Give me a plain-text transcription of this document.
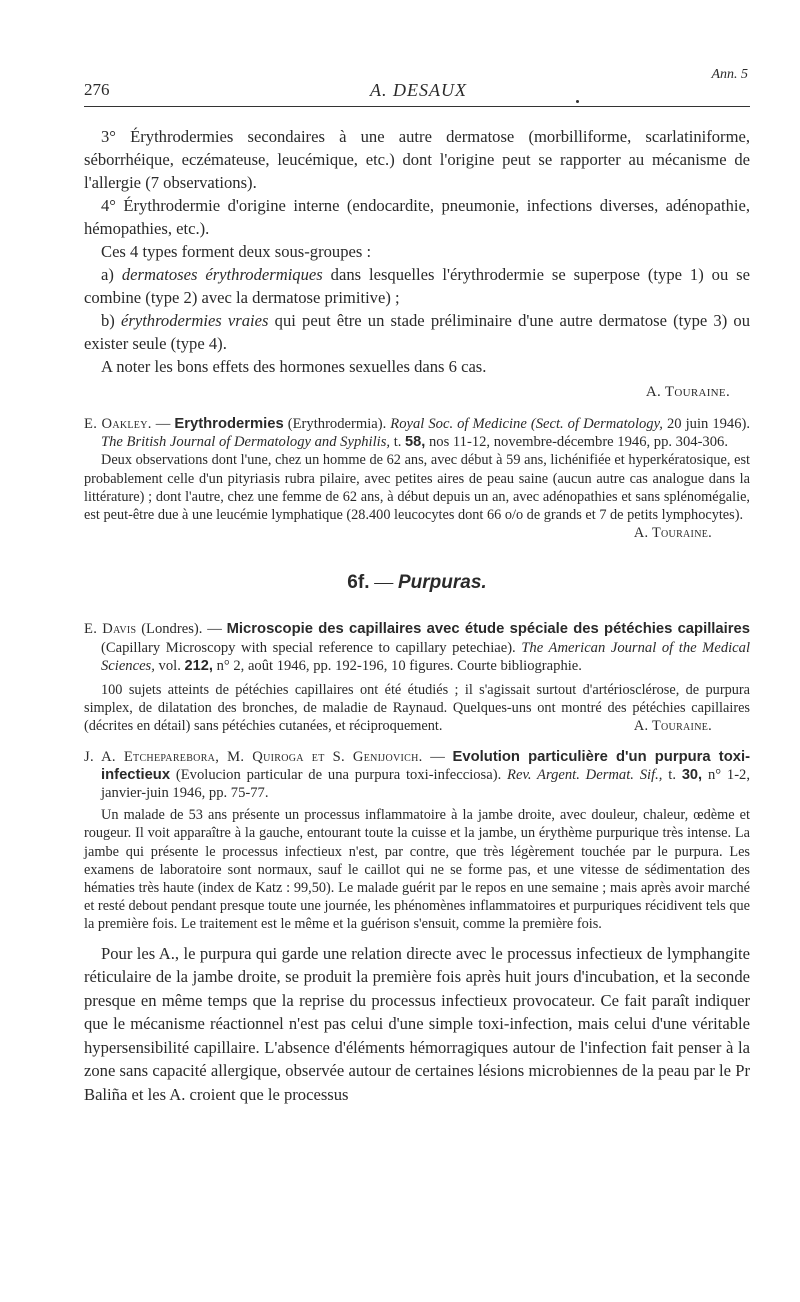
276	A. DESAUX
Ann. 5

3° Érythrodermies secondaires à une autre dermatose (morbilliforme, scarlatiniforme, séborrhéique, eczémateuse, leucémique, etc.) dont l'origine peut se rapporter au mécanisme de l'allergie (7 observations).

4° Érythrodermie d'origine interne (endocardite, pneumonie, infections diverses, adénopathie, hémopathies, etc.).

Ces 4 types forment deux sous-groupes :

a) dermatoses érythrodermiques dans lesquelles l'érythrodermie se superpose (type 1) ou se combine (type 2) avec la dermatose primitive) ;

b) érythrodermies vraies qui peut être un stade préliminaire d'une autre dermatose (type 3) ou exister seule (type 4).

A noter les bons effets des hormones sexuelles dans 6 cas.

A. Touraine.

E. Oakley. — Erythrodermies (Erythrodermia). Royal Soc. of Medicine (Sect. of Dermatology, 20 juin 1946). The British Journal of Dermatology and Syphilis, t. 58, nos 11-12, novembre-décembre 1946, pp. 304-306.

Deux observations dont l'une, chez un homme de 62 ans, avec début à 59 ans, lichénifiée et hyperkératosique, est probablement celle d'un pityriasis rubra pilaire, avec petites aires de peau saine (aucun autre cas analogue dans la littérature) ; dont l'autre, chez une femme de 62 ans, à début depuis un an, avec adénopathies et sans splénomégalie, est peut-être due à une leucémie lymphatique (28.400 leucocytes dont 66 o/o de grands et 7 de petits lymphocytes).
A. Touraine.

6f. — Purpuras.

E. Davis (Londres). — Microscopie des capillaires avec étude spéciale des pétéchies capillaires (Capillary Microscopy with special reference to capillary petechiae). The American Journal of the Medical Sciences, vol. 212, n° 2, août 1946, pp. 192-196, 10 figures. Courte bibliographie.

100 sujets atteints de pétéchies capillaires ont été étudiés ; il s'agissait surtout d'artériosclérose, de purpura simplex, de dilatation des bronches, de maladie de Raynaud. Quelques-uns ont montré des pétéchies capillaires (décrites en détail) sans pétéchies cutanées, et réciproquement.	A. Touraine.

J. A. Etcheparebora, M. Quiroga et S. Genijovich. — Evolution particulière d'un purpura toxi-infectieux (Evolucion particular de una purpura toxi-infecciosa). Rev. Argent. Dermat. Sif., t. 30, n° 1-2, janvier-juin 1946, pp. 75-77.

Un malade de 53 ans présente un processus inflammatoire à la jambe droite, avec douleur, chaleur, œdème et rougeur. Il voit apparaître à la gauche, entourant toute la cuisse et la jambe, un érythème purpurique très intense. La jambe qui présente le processus infectieux n'est, par contre, que très légèrement touchée par le purpura. Les examens de laboratoire sont normaux, sauf le caillot qui ne se forme pas, et une vitesse de sédimentation des hématies très haute (index de Katz : 99,50). Le malade guérit par le repos en une semaine ; mais après avoir marché et resté debout pendant presque toute une journée, les phénomènes inflammatoires et purpuriques récidivent tels que la première fois. Le traitement est le même et la guérison s'ensuit, comme la première fois.

Pour les A., le purpura qui garde une relation directe avec le processus infectieux de lymphangite réticulaire de la jambe droite, se produit la première fois après huit jours d'incubation, et la seconde presque en même temps que la reprise du processus infectieux provocateur. Ce fait paraît indiquer que le mécanisme réactionnel n'est pas celui d'une simple toxi-infection, mais celui d'une véritable hypersensibilité capillaire. L'absence d'éléments hémorragiques autour de l'infection fait penser à la zone sans capacité allergique, observée autour de certaines lésions microbiennes de la peau par le Pr Baliña et les A. croient que le processus
